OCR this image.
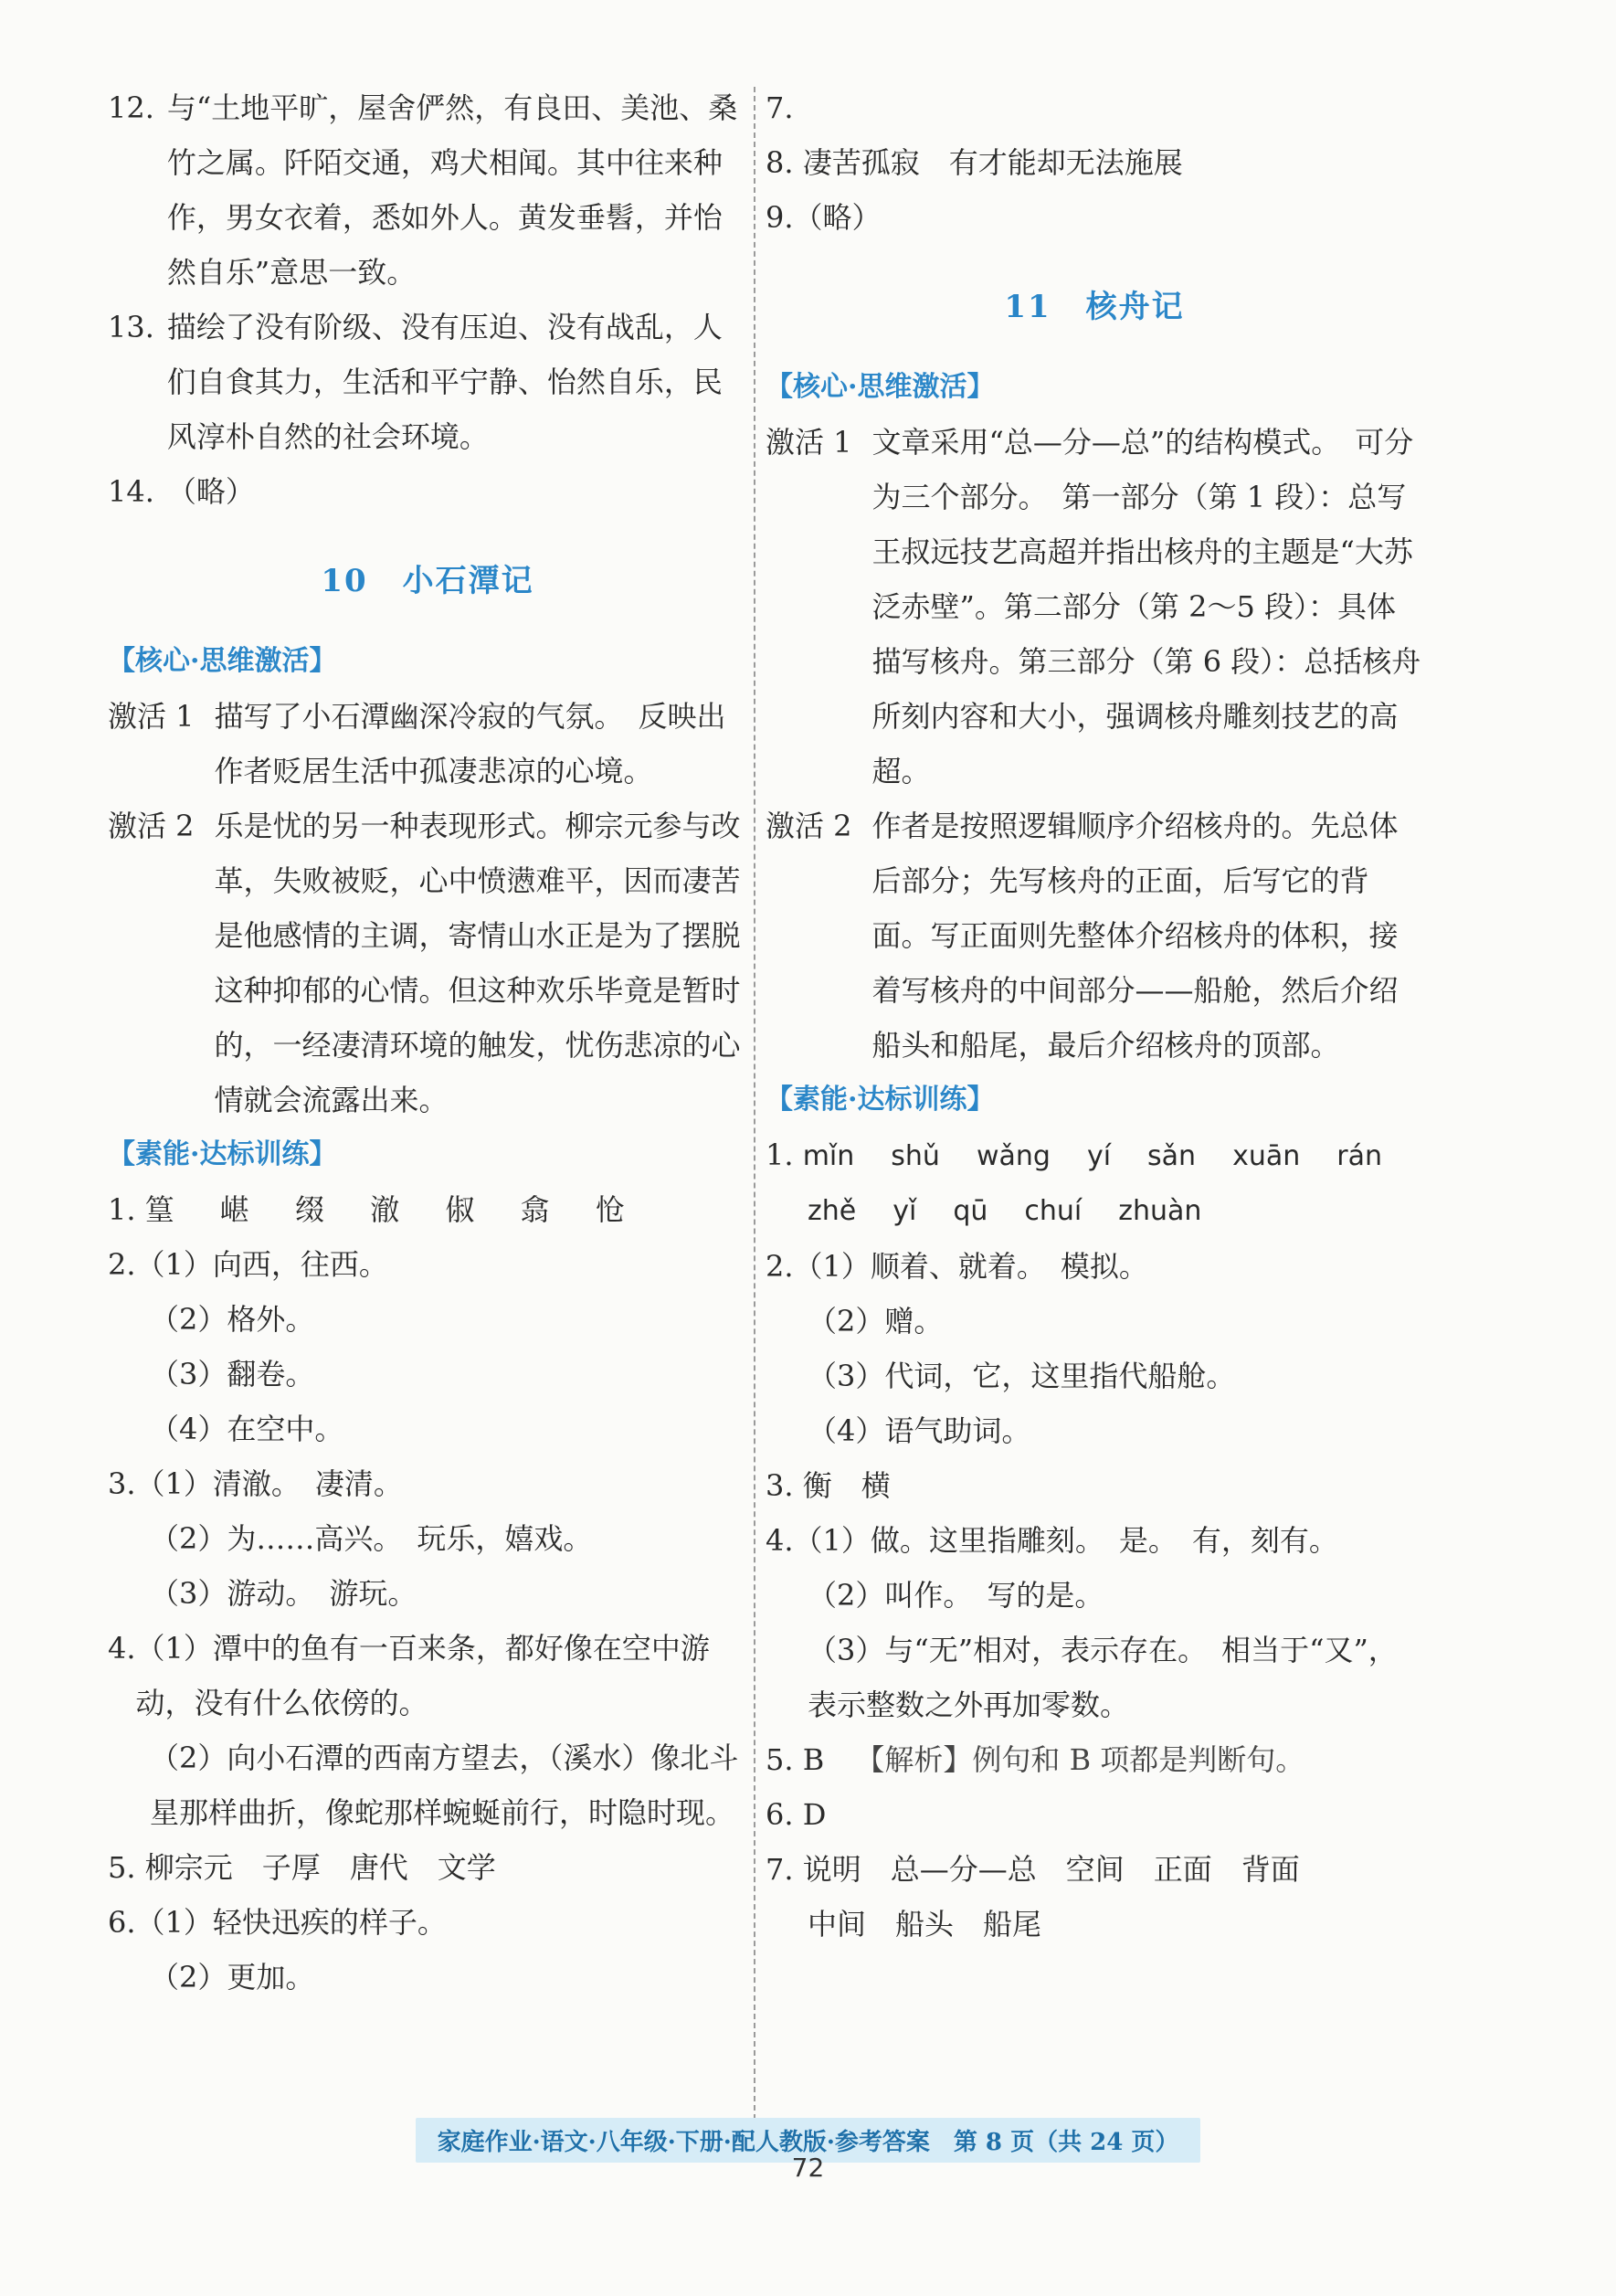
12. 与“土地平旷，屋舍俨然，有良田、美池、桑竹之属。阡陌交通，鸡犬相闻。其中往来种作，男女衣着，悉如外人。黄发垂髫，并怡然自乐”意思一致。
13. 描绘了没有阶级、没有压迫、没有战乱，人们自食其力，生活和平宁静、怡然自乐，民风淳朴自然的社会环境。
14. （略）
10 小石潭记
【核心·思维激活】
激活 1 描写了小石潭幽深冷寂的气氛。　反映出作者贬居生活中孤凄悲凉的心境。
激活 2 乐是忧的另一种表现形式。柳宗元参与改革，失败被贬，心中愤懑难平，因而凄苦是他感情的主调，寄情山水正是为了摆脱这种抑郁的心情。但这种欢乐毕竟是暂时的，一经凄清环境的触发，忧伤悲凉的心情就会流露出来。
【素能·达标训练】
1. 篁 嵁 缀 澈 俶 翕 怆
2.（1）向西，往西。
（2）格外。
（3）翻卷。
（4）在空中。
3.（1）清澈。　凄清。
（2）为……高兴。　玩乐，嬉戏。
（3）游动。　游玩。
4. （1）潭中的鱼有一百来条，都好像在空中游动，没有什么依傍的。
（2）向小石潭的西南方望去，（溪水）像北斗星那样曲折，像蛇那样蜿蜒前行，时隐时现。
5. 柳宗元　子厚　唐代　文学
6.（1）轻快迅疾的样子。
（2）更加。
7.
8. 凄苦孤寂　有才能却无法施展
9.（略）
11 核舟记
【核心·思维激活】
激活 1 文章采用“总—分—总”的结构模式。　可分为三个部分。　第一部分（第 1 段）：总写王叔远技艺高超并指出核舟的主题是“大苏泛赤壁”。第二部分（第 2～5 段）：具体描写核舟。第三部分（第 6 段）：总括核舟所刻内容和大小，强调核舟雕刻技艺的高超。
激活 2 作者是按照逻辑顺序介绍核舟的。先总体后部分；先写核舟的正面，后写它的背面。写正面则先整体介绍核舟的体积，接着写核舟的中间部分——船舱，然后介绍船头和船尾，最后介绍核舟的顶部。
【素能·达标训练】
1. mǐn shǔ wǎng yí sǎn xuān rán
zhě yǐ qū chuí zhuàn
2.（1）顺着、就着。　模拟。
（2）赠。
（3）代词，它，这里指代船舱。
（4）语气助词。
3. 衡　横
4.（1）做。这里指雕刻。　是。　有，刻有。
（2）叫作。　写的是。
（3）与“无”相对，表示存在。　相当于“又”，表示整数之外再加零数。
5. B 【解析】例句和 B 项都是判断句。
6. D
7. 说明　总—分—总　空间　正面　背面
中间　船头　船尾
家庭作业·语文·八年级·下册·配人教版·参考答案　第 8 页（共 24 页）
72
